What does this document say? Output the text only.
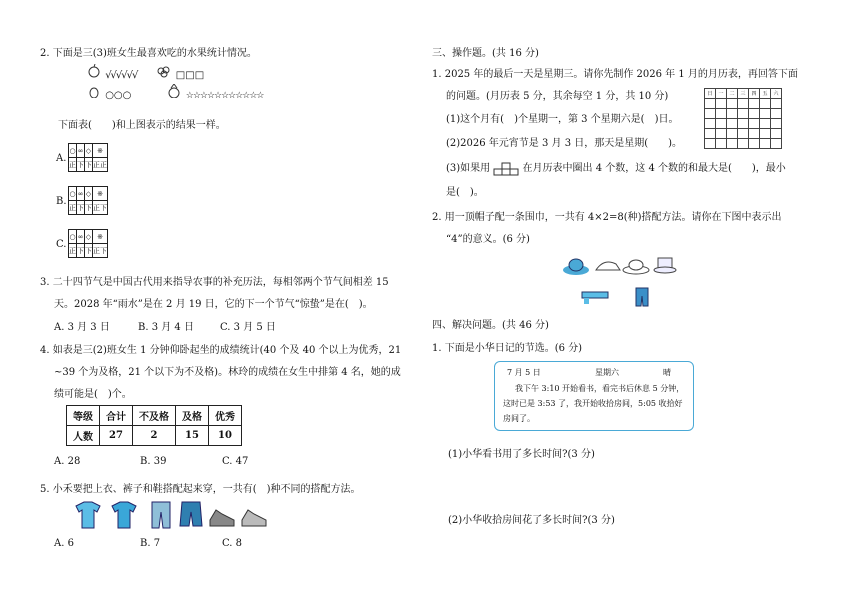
2. 下面是三(3)班女生最喜欢吃的水果统计情况。
√√√√√√	□□□
○○○	☆☆☆☆☆☆☆☆☆☆☆
下面表(　　)和上图表示的结果一样。
A.
○	∞	◇	※
正	下	下	正正
B.
○	∞	◇	※
正	下	下	正下
C.
○	∞	◇	※
正	下	下	正下
3. 二十四节气是中国古代用来指导农事的补充历法，每相邻两个节气间相差 15
天。2028 年“雨水”是在 2 月 19 日，它的下一个节气“惊蛰”是在(　)。
A. 3 月 3 日	B. 3 月 4 日	C. 3 月 5 日
4. 如表是三(2)班女生 1 分钟仰卧起坐的成绩统计(40 个及 40 个以上为优秀，21
~39 个为及格，21 个以下为不及格)。林玲的成绩在女生中排第 4 名，她的成
绩可能是(　)个。
等级	合计	不及格	及格	优秀
人数	27	2	15	10
A. 28	B. 39	C. 47
5. 小禾要把上衣、裤子和鞋搭配起来穿，一共有(　)种不同的搭配方法。
A. 6	B. 7	C. 8
三、操作题。(共 16 分)
1. 2025 年的最后一天是星期三。请你先制作 2026 年 1 月的月历表，再回答下面
的问题。(月历表 5 分，其余每空 1 分，共 10 分)
(1)这个月有(　)个星期一，第 3 个星期六是(　)日。
(2)2026 年元宵节是 3 月 3 日，那天是星期(　　)。
(3)如果用	在月历表中圈出 4 个数，这 4 个数的和最大是(　　)，最小
是(　)。
日	一	二	三	四	五	六

2. 用一顶帽子配一条围巾，一共有 4×2=8(种)搭配方法。请你在下图中表示出
“4”的意义。(6 分)
四、解决问题。(共 46 分)
1. 下面是小华日记的节选。(6 分)
7 月 5 日	星期六	晴
我下午 3:10 开始看书，看完书后休息 5 分钟，
这时已是 3:53 了，我开始收拾房间，5:05 收拾好
房间了。
(1)小华看书用了多长时间?(3 分)
(2)小华收拾房间花了多长时间?(3 分)
